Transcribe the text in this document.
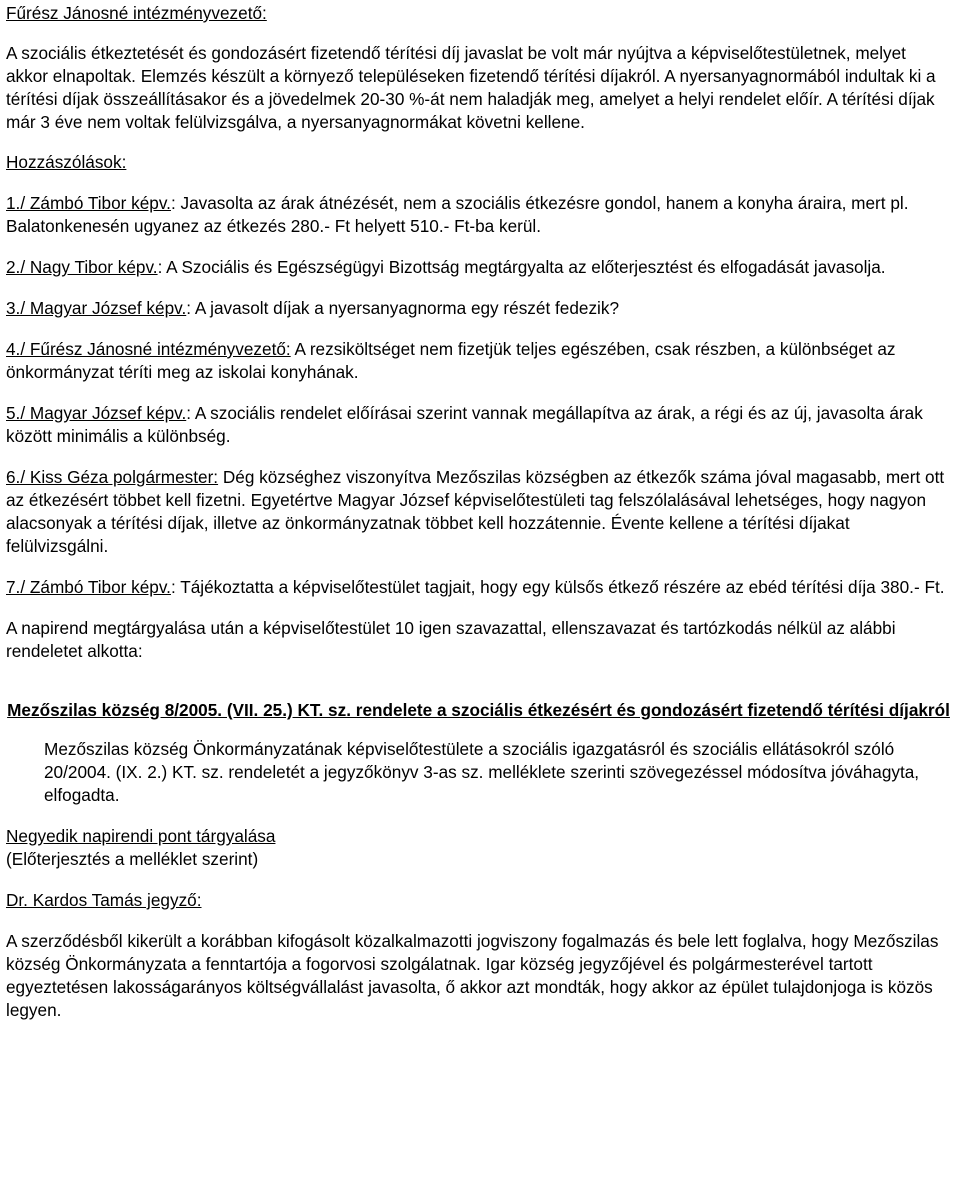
Fűrész Jánosné intézményvezető:

A szociális étkeztetését és gondozásért fizetendő térítési díj javaslat be volt már nyújtva a képviselőtestületnek, melyet akkor elnapoltak. Elemzés készült a környező településeken fizetendő térítési díjakról. A nyersanyagnormából indultak ki a térítési díjak összeállításakor és a jövedelmek 20-30 %-át nem haladják meg, amelyet a helyi rendelet előír. A térítési díjak már 3 éve nem voltak felülvizsgálva, a nyersanyagnormákat követni kellene.

Hozzászólások:

1./ Zámbó Tibor képv.: Javasolta az árak átnézését, nem a szociális étkezésre gondol, hanem a konyha áraira, mert pl. Balatonkenesén ugyanez az étkezés 280.- Ft helyett 510.- Ft-ba kerül.

2./ Nagy Tibor képv.: A Szociális és Egészségügyi Bizottság megtárgyalta az előterjesztést és elfogadását javasolja.

3./ Magyar József képv.: A javasolt díjak a nyersanyagnorma egy részét fedezik?

4./ Fűrész Jánosné intézményvezető: A rezsiköltséget nem fizetjük teljes egészében, csak részben, a különbséget az önkormányzat téríti meg az iskolai konyhának.

5./ Magyar József képv.: A szociális rendelet előírásai szerint vannak megállapítva az árak, a régi és az új, javasolta árak között minimális a különbség.

6./ Kiss Géza polgármester: Dég községhez viszonyítva Mezőszilas községben az étkezők száma jóval magasabb, mert ott az étkezésért többet kell fizetni. Egyetértve Magyar József képviselőtestületi tag felszólalásával lehetséges, hogy nagyon alacsonyak a térítési díjak, illetve az önkormányzatnak többet kell hozzátennie. Évente kellene a térítési díjakat felülvizsgálni.

7./ Zámbó Tibor képv.: Tájékoztatta a képviselőtestület tagjait, hogy egy külsős étkező részére az ebéd térítési díja 380.- Ft.

A napirend megtárgyalása után a képviselőtestület 10 igen szavazattal, ellenszavazat és tartózkodás nélkül az alábbi rendeletet alkotta:

Mezőszilas község 8/2005. (VII. 25.) KT. sz. rendelete a szociális étkezésért és gondozásért fizetendő térítési díjakról

Mezőszilas község Önkormányzatának képviselőtestülete a szociális igazgatásról és szociális ellátásokról szóló 20/2004. (IX. 2.) KT. sz. rendeletét a jegyzőkönyv 3-as sz. melléklete szerinti szövegezéssel módosítva jóváhagyta, elfogadta.

Negyedik napirendi pont tárgyalása

(Előterjesztés a melléklet szerint)

Dr. Kardos Tamás jegyző:

A szerződésből kikerült a korábban kifogásolt közalkalmazotti jogviszony fogalmazás és bele lett foglalva, hogy Mezőszilas község Önkormányzata a fenntartója a fogorvosi szolgálatnak. Igar község jegyzőjével és polgármesterével tartott egyeztetésen lakosságarányos költségvállalást javasolta, ő akkor azt mondták, hogy akkor az épület tulajdonjoga is közös legyen.
